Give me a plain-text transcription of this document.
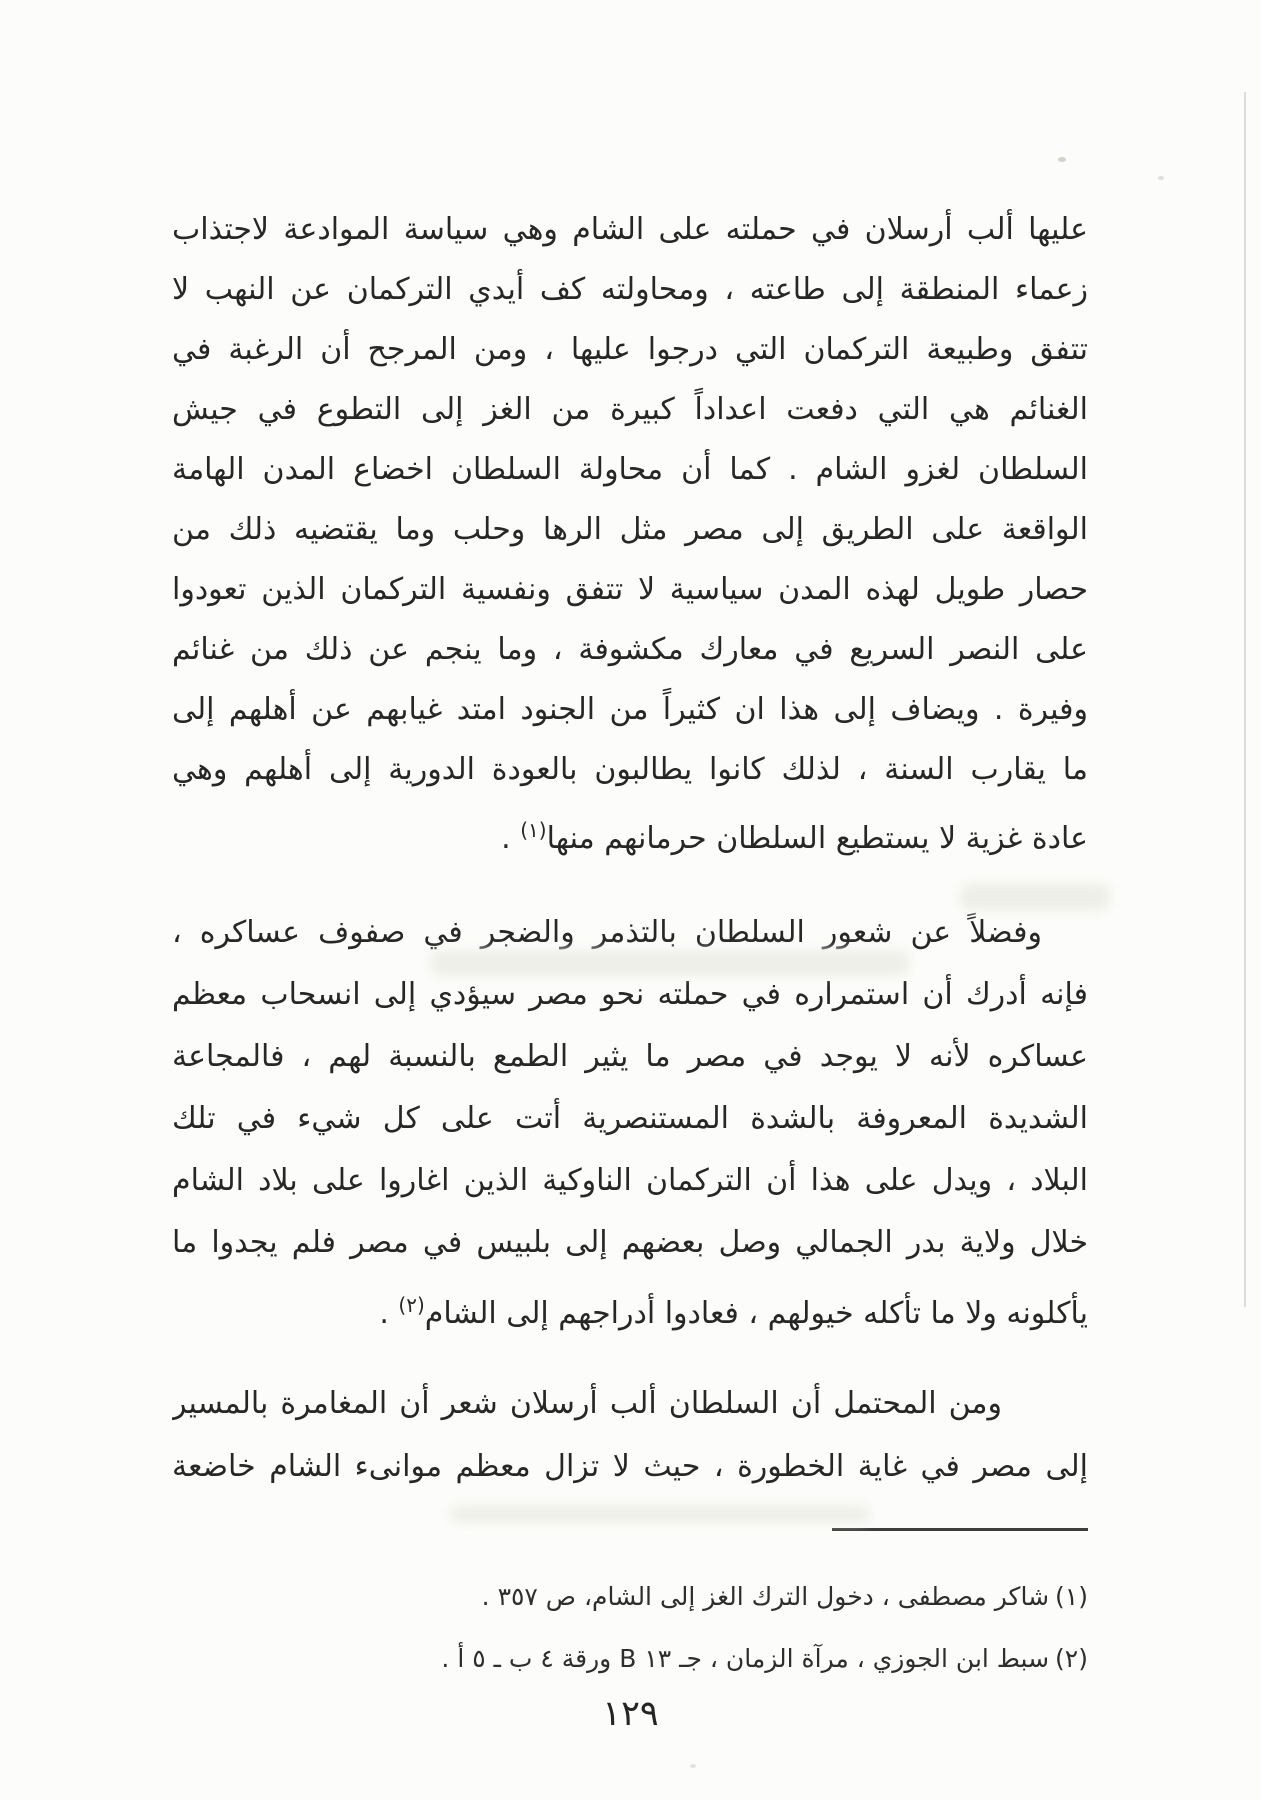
عليها ألب أرسلان في حملته على الشام وهي سياسة الموادعة لاجتذاب
زعماء المنطقة إلى طاعته ، ومحاولته كف أيدي التركمان عن النهب لا
تتفق وطبيعة التركمان التي درجوا عليها ، ومن المرجح أن الرغبة في
الغنائم هي التي دفعت اعداداً كبيرة من الغز إلى التطوع في جيش
السلطان لغزو الشام . كما أن محاولة السلطان اخضاع المدن الهامة
الواقعة على الطريق إلى مصر مثل الرها وحلب وما يقتضيه ذلك من
حصار طويل لهذه المدن سياسية لا تتفق ونفسية التركمان الذين تعودوا
على النصر السريع في معارك مكشوفة ، وما ينجم عن ذلك من غنائم
وفيرة . ويضاف إلى هذا ان كثيراً من الجنود امتد غيابهم عن أهلهم إلى
ما يقارب السنة ، لذلك كانوا يطالبون بالعودة الدورية إلى أهلهم وهي
عادة غزية لا يستطيع السلطان حرمانهم منها$^{(١)}$ .
وفضلاً عن شعور السلطان بالتذمر والضجر في صفوف عساكره ،
فإنه أدرك أن استمراره في حملته نحو مصر سيؤدي إلى انسحاب معظم
عساكره لأنه لا يوجد في مصر ما يثير الطمع بالنسبة لهم ، فالمجاعة
الشديدة المعروفة بالشدة المستنصرية أتت على كل شيء في تلك
البلاد ، ويدل على هذا أن التركمان الناوكية الذين اغاروا على بلاد الشام
خلال ولاية بدر الجمالي وصل بعضهم إلى بلبيس في مصر فلم يجدوا ما
يأكلونه ولا ما تأكله خيولهم ، فعادوا أدراجهم إلى الشام$^{(٢)}$ .
ومن المحتمل أن السلطان ألب أرسلان شعر أن المغامرة بالمسير
إلى مصر في غاية الخطورة ، حيث لا تزال معظم موانىء الشام خاضعة
(١)شاكر مصطفى ، دخول الترك الغز إلى الشام، ص ٣٥٧ .
(٢)سبط ابن الجوزي ، مرآة الزمان ، جـ ١٣ B ورقة ٤ ب ـ ٥ أ .
١٢٩
